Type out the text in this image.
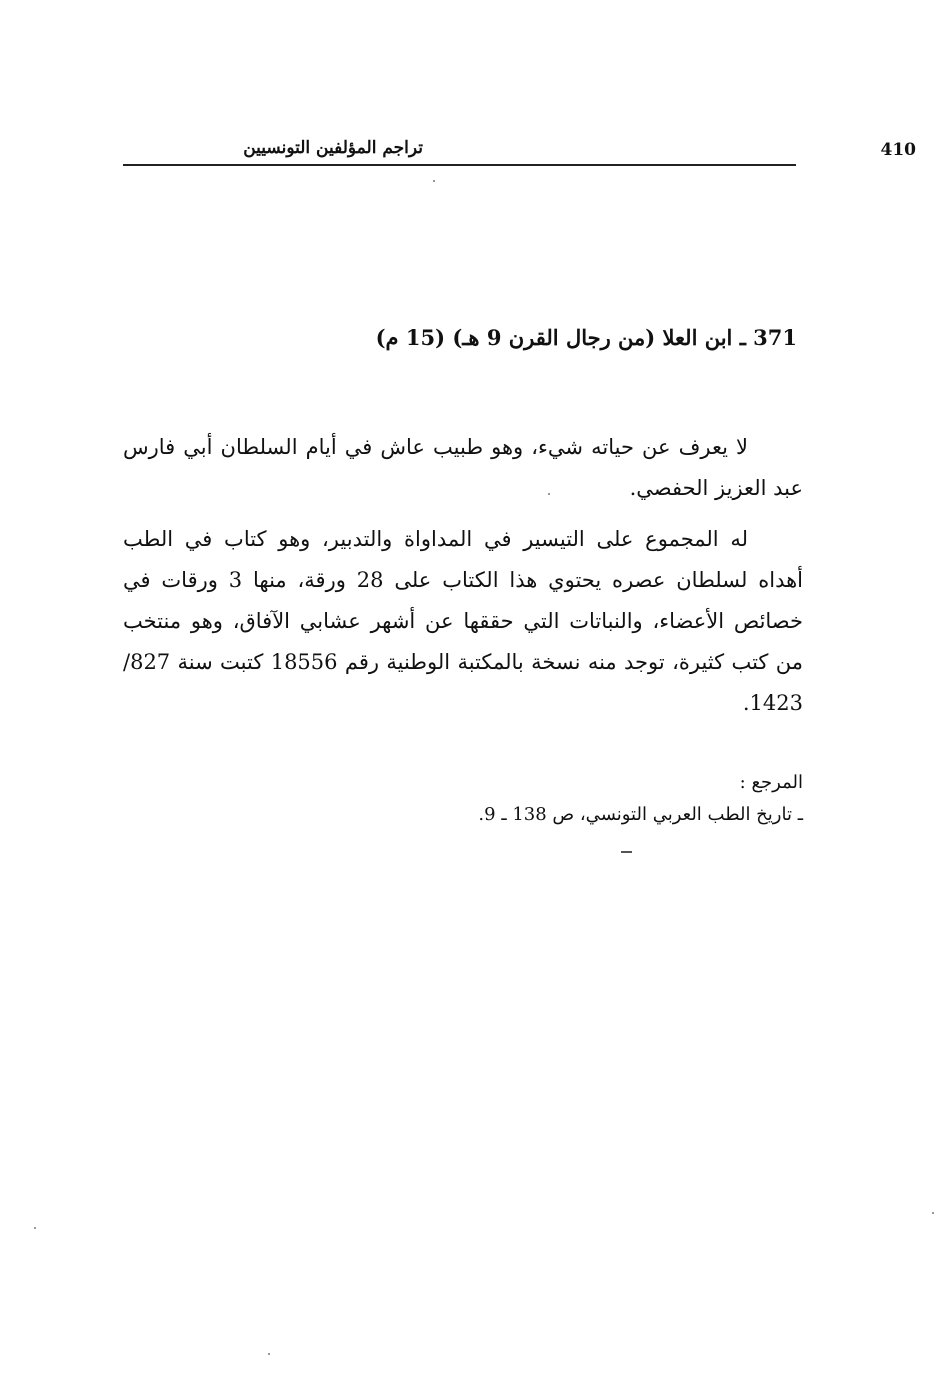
410
تراجم المؤلفين التونسيين
371 ـ ابن العلا (من رجال القرن 9 هـ) (15 م)

لا يعرف عن حياته شيء، وهو طبيب عاش في أيام السلطان أبي فارس عبد العزيز الحفصي.

له المجموع على التيسير في المداواة والتدبير، وهو كتاب في الطب أهداه لسلطان عصره يحتوي هذا الكتاب على 28 ورقة، منها 3 ورقات في خصائص الأعضاء، والنباتات التي حققها عن أشهر عشابي الآفاق، وهو منتخب من كتب كثيرة، توجد منه نسخة بالمكتبة الوطنية رقم 18556 كتبت سنة 827/ 1423.

المرجع :
ـ تاريخ الطب العربي التونسي، ص 138 ـ 9.
